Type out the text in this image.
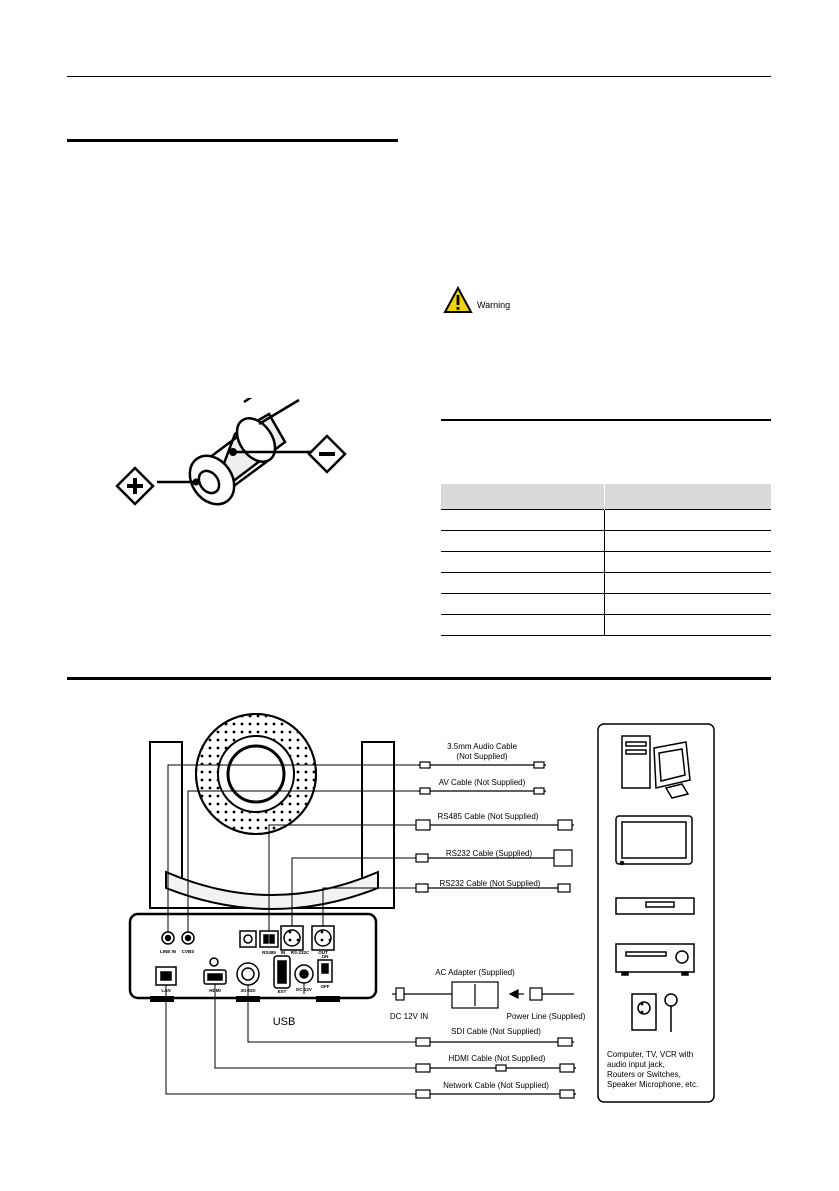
Warning

LINE IN CVBS	RS485 IN RS-232C OUT
ON
LAN	HDMI	3G-SDI	EXT DC 12V
OFF
USB
3.5mm Audio Cable
(Not Supplied)
AV Cable (Not Supplied)
RS485 Cable (Not Supplied)
RS232 Cable (Supplied)
RS232 Cable (Not Supplied)
AC Adapter (Supplied)
DC 12V IN	Power Line (Supplied)
SDI Cable (Not Supplied)
HDMI Cable (Not Supplied)
Network Cable (Not Supplied)
Computer, TV, VCR with
audio input jack,
Routers or Switches,
Speaker Microphone, etc.
